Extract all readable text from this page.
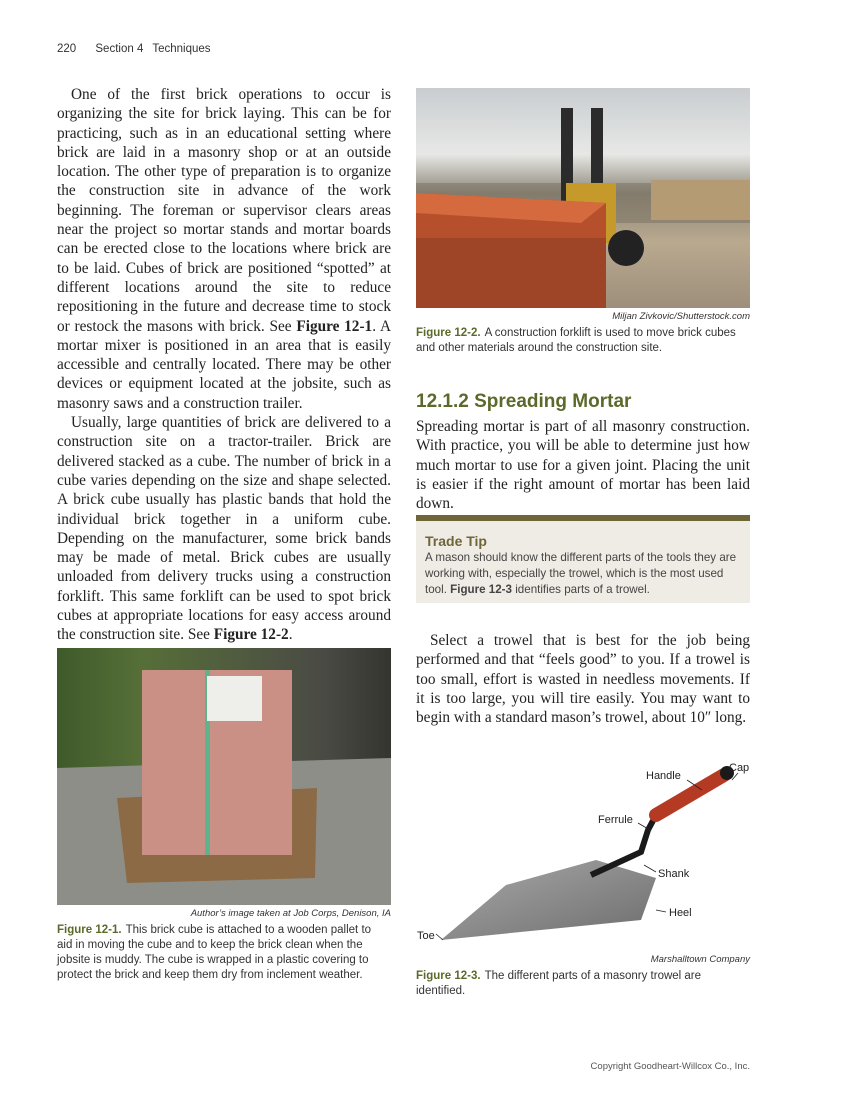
220 Section 4 Techniques

One of the first brick operations to occur is organizing the site for brick laying. This can be for practicing, such as in an educational setting where brick are laid in a masonry shop or at an outside location. The other type of preparation is to organize the construction site in advance of the work beginning. The foreman or supervisor clears areas near the project so mortar stands and mortar boards can be erected close to the locations where brick are to be laid. Cubes of brick are positioned “spotted” at different locations around the site to reduce repositioning in the future and decrease time to stock or restock the masons with brick. See Figure 12-1. A mortar mixer is positioned in an area that is easily accessible and centrally located. There may be other devices or equipment located at the jobsite, such as masonry saws and a construction trailer.

Usually, large quantities of brick are delivered to a construction site on a tractor-trailer. Brick are delivered stacked as a cube. The number of brick in a cube varies depending on the size and shape selected. A brick cube usually has plastic bands that hold the individual brick together in a uniform cube. Depending on the manufacturer, some brick bands may be made of metal. Brick cubes are usually unloaded from delivery trucks using a construction forklift. This same forklift can be used to spot brick cubes at appropriate locations for easy access around the construction site. See Figure 12-2.

Miljan Zivkovic/Shutterstock.com
Figure 12-2. A construction forklift is used to move brick cubes and other materials around the construction site.
12.1.2 Spreading Mortar

Spreading mortar is part of all masonry construction. With practice, you will be able to determine just how much mortar to use for a given joint. Placing the unit is easier if the right amount of mortar has been laid down.

Trade Tip
A mason should know the different parts of the tools they are working with, especially the trowel, which is the most used tool. Figure 12-3 identifies parts of a trowel.

Select a trowel that is best for the job being performed and that “feels good” to you. If a trowel is too small, effort is wasted in needless movements. If it is too large, you will tire easily. You may want to begin with a standard mason’s trowel, about 10″ long.

Author’s image taken at Job Corps, Denison, IA
Figure 12-1. This brick cube is attached to a wooden pallet to aid in moving the cube and to keep the brick clean when the jobsite is muddy. The cube is wrapped in a plastic covering to protect the brick and keep them dry from inclement weather.
Handle
Cap
Ferrule
Shank
Heel
Toe
Marshalltown Company
Figure 12-3. The different parts of a masonry trowel are identified.
Copyright Goodheart-Willcox Co., Inc.
